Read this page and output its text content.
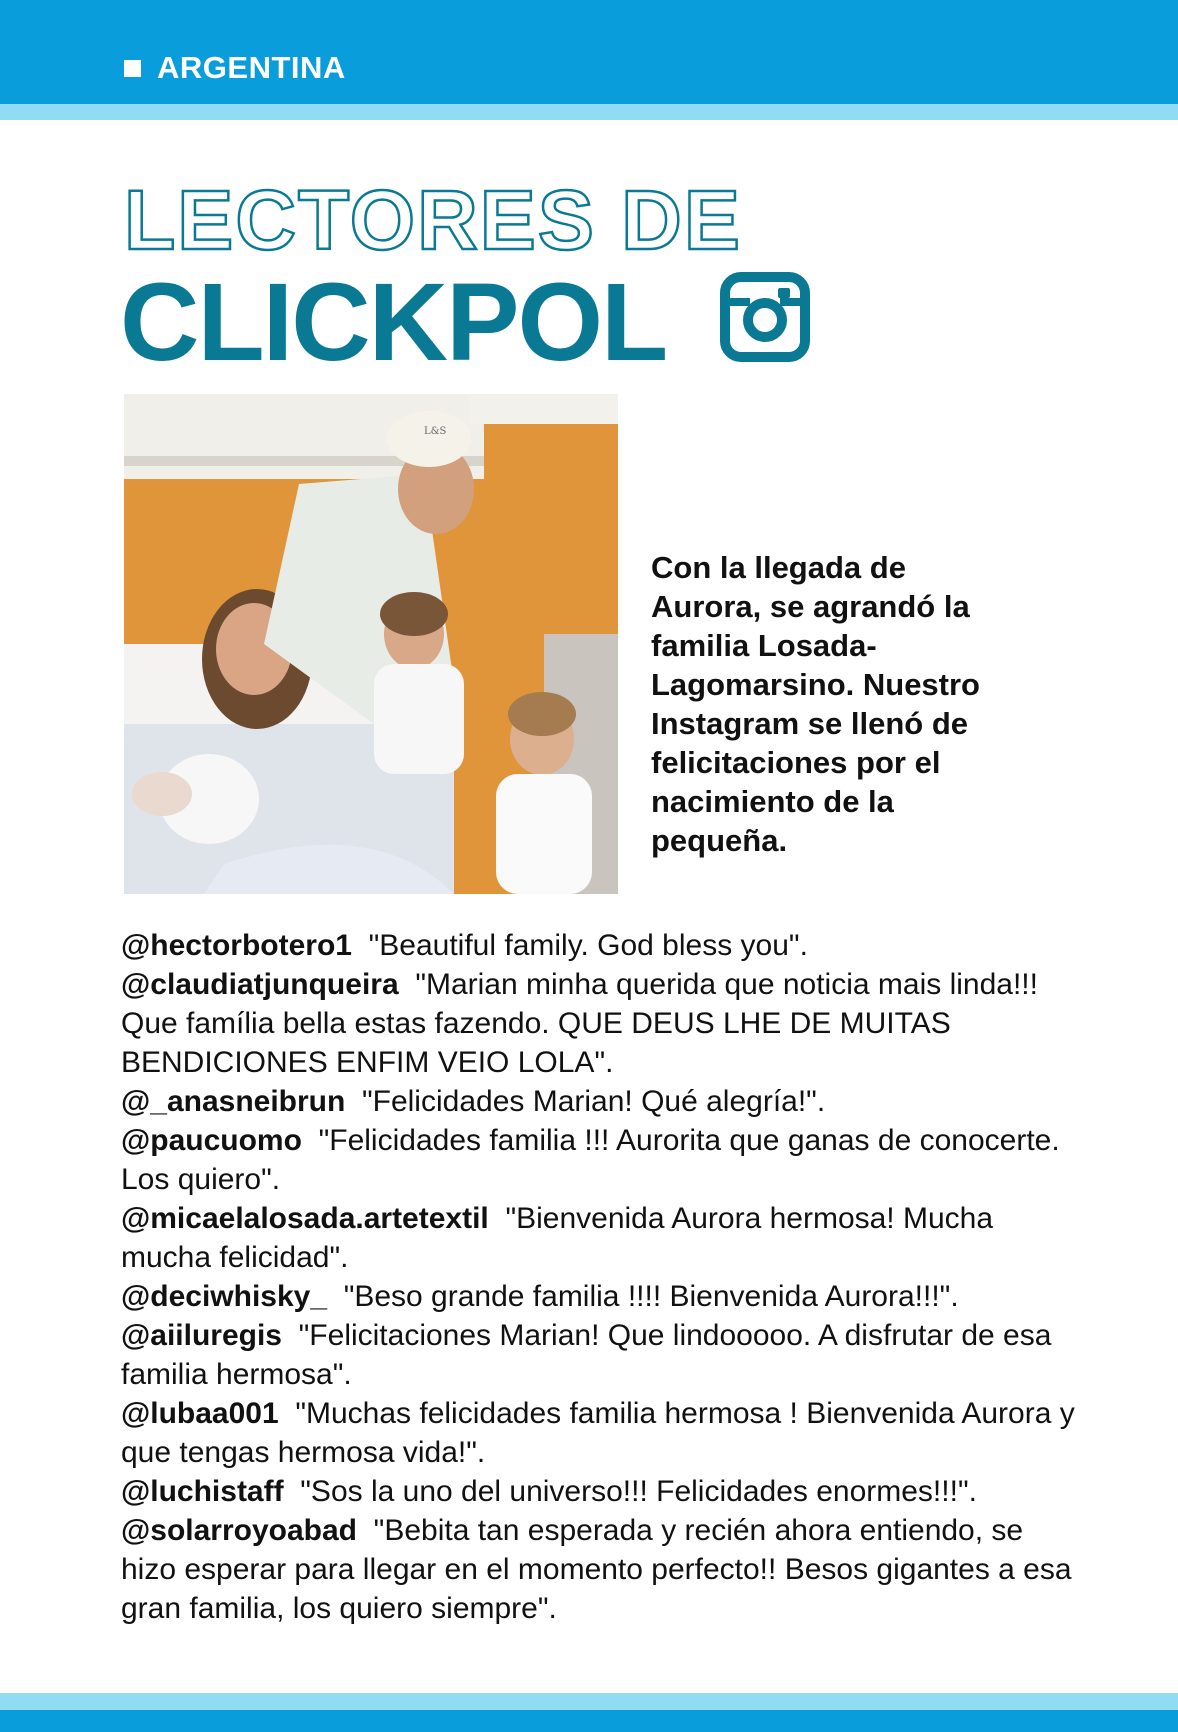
ARGENTINA
LECTORES DE
CLICKPOL
L&S
Con la llegada de Aurora, se agrandó la familia Losada-Lagomarsino. Nuestro Instagram se llenó de felicitaciones por el nacimiento de la pequeña.

@hectorbotero1 "Beautiful family. God bless you".

@claudiatjunqueira "Marian minha querida que noticia mais linda!!! Que família bella estas fazendo. QUE DEUS LHE DE MUITAS BENDICIONES ENFIM VEIO LOLA".

@_anasneibrun "Felicidades Marian! Qué alegría!".

@paucuomo "Felicidades familia !!! Aurorita que ganas de conocerte. Los quiero".

@micaelalosada.artetextil "Bienvenida Aurora hermosa! Mucha mucha felicidad".

@deciwhisky_ "Beso grande familia !!!! Bienvenida Aurora!!!".

@aiiluregis "Felicitaciones Marian! Que lindooooo. A disfrutar de esa familia hermosa".

@lubaa001 "Muchas felicidades familia hermosa ! Bienvenida Aurora y que tengas hermosa vida!".

@luchistaff "Sos la uno del universo!!! Felicidades enormes!!!".

@solarroyoabad "Bebita tan esperada y recién ahora entiendo, se hizo esperar para llegar en el momento perfecto!! Besos gigantes a esa gran familia, los quiero siempre".
